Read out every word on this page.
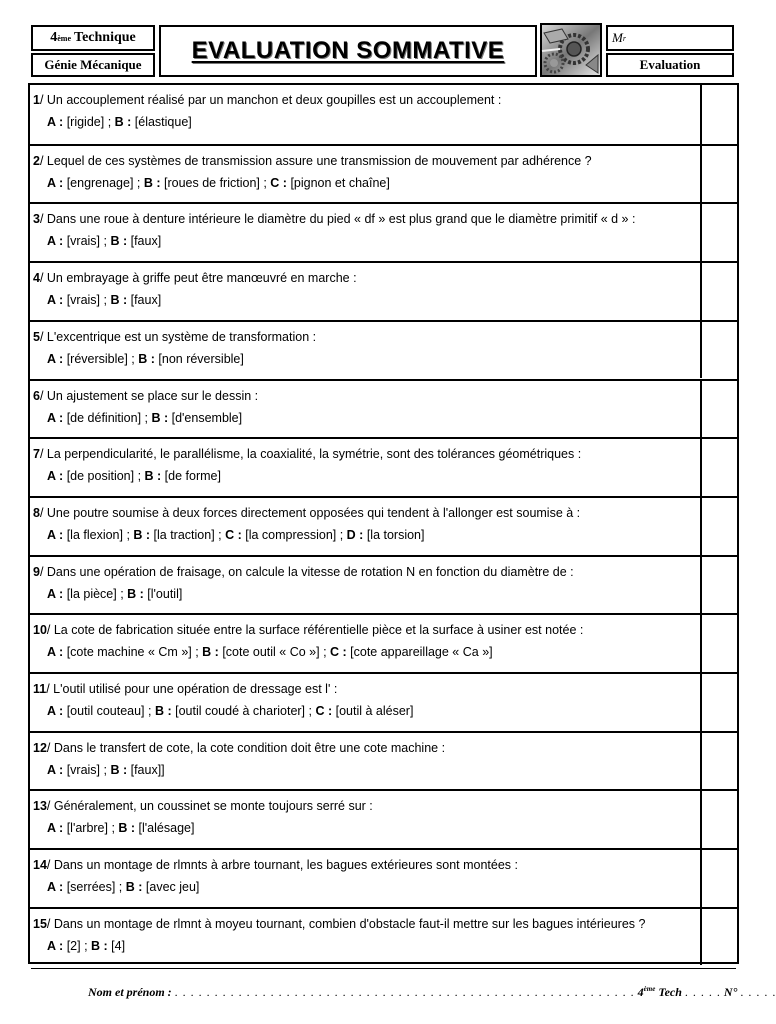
4 ème Technique
Génie Mécanique
EVALUATION SOMMATIVE	M r
Evaluation
1/ Un accouplement réalisé par un manchon et deux goupilles est un accouplement :
A : [rigide] ; B : [élastique]
2/ Lequel de ces systèmes de transmission assure une transmission de mouvement par adhérence ?
A : [engrenage] ; B : [roues de friction] ; C : [pignon et chaîne]
3/ Dans une roue à denture intérieure le diamètre du pied « df » est plus grand que le diamètre primitif « d » :
A : [vrais] ; B : [faux]
4/ Un embrayage à griffe peut être manœuvré en marche :
A : [vrais] ; B : [faux]
5/ L'excentrique est un système de transformation :
A : [réversible] ; B : [non réversible]
6/ Un ajustement se place sur le dessin :
A : [de définition] ; B : [d'ensemble]
7/ La perpendicularité, le parallélisme, la coaxialité, la symétrie, sont des tolérances géométriques :
A : [de position] ; B : [de forme]
8/ Une poutre soumise à deux forces directement opposées qui tendent à l'allonger est soumise à :
A : [la flexion] ; B : [la traction] ; C : [la compression] ; D : [la torsion]
9/ Dans une opération de fraisage, on calcule la vitesse de rotation N en fonction du diamètre de :
A : [la pièce] ; B : [l'outil]
10/ La cote de fabrication située entre la surface référentielle pièce et la surface à usiner est notée :
A : [cote machine « Cm »] ; B : [cote outil « Co »] ; C : [cote appareillage « Ca »]
11/ L'outil utilisé pour une opération de dressage est l' :
A : [outil couteau] ; B : [outil coudé à charioter] ; C : [outil à aléser]
12/ Dans le transfert de cote, la cote condition doit être une cote machine :
A : [vrais] ; B : [faux]]
13/ Généralement, un coussinet se monte toujours serré sur :
A : [l'arbre] ; B : [l'alésage]
14/ Dans un montage de rlmnts à arbre tournant, les bagues extérieures sont montées :
A : [serrées] ; B : [avec jeu]
15/ Dans un montage de rlmnt à moyeu tournant, combien d'obstacle faut-il mettre sur les bagues intérieures ?
A : [2] ; B : [4]
Nom et prénom : . . . . . . . . . . . . . . . . . . . . . . . . . . . . . . . . . . . . . . . . . . . . . . . . . . . . . . . . . . 4ème Tech . . . . . N° . . . . .
